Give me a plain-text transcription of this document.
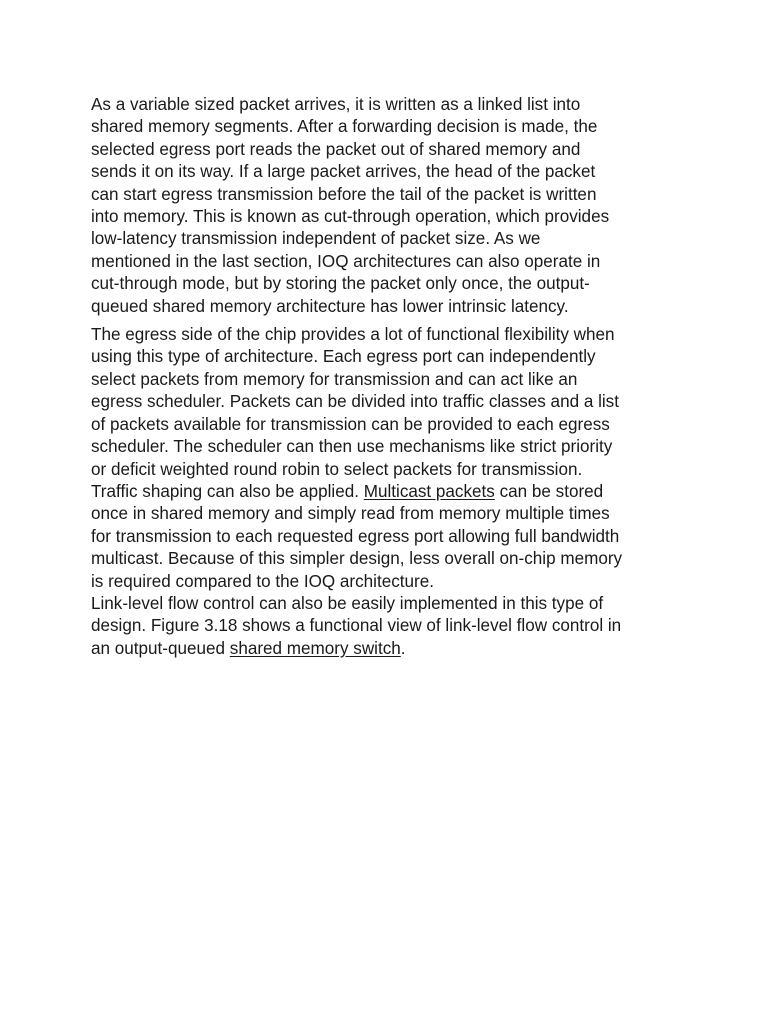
As a variable sized packet arrives, it is written as a linked list into
shared memory segments. After a forwarding decision is made, the
selected egress port reads the packet out of shared memory and
sends it on its way. If a large packet arrives, the head of the packet
can start egress transmission before the tail of the packet is written
into memory. This is known as cut-through operation, which provides
low-latency transmission independent of packet size. As we
mentioned in the last section, IOQ architectures can also operate in
cut-through mode, but by storing the packet only once, the output-
queued shared memory architecture has lower intrinsic latency.

The egress side of the chip provides a lot of functional flexibility when
using this type of architecture. Each egress port can independently
select packets from memory for transmission and can act like an
egress scheduler. Packets can be divided into traffic classes and a list
of packets available for transmission can be provided to each egress
scheduler. The scheduler can then use mechanisms like strict priority
or deficit weighted round robin to select packets for transmission.
Traffic shaping can also be applied. Multicast packets can be stored
once in shared memory and simply read from memory multiple times
for transmission to each requested egress port allowing full bandwidth
multicast. Because of this simpler design, less overall on-chip memory
is required compared to the IOQ architecture.

Link-level flow control can also be easily implemented in this type of
design. Figure 3.18 shows a functional view of link-level flow control in
an output-queued shared memory switch.
